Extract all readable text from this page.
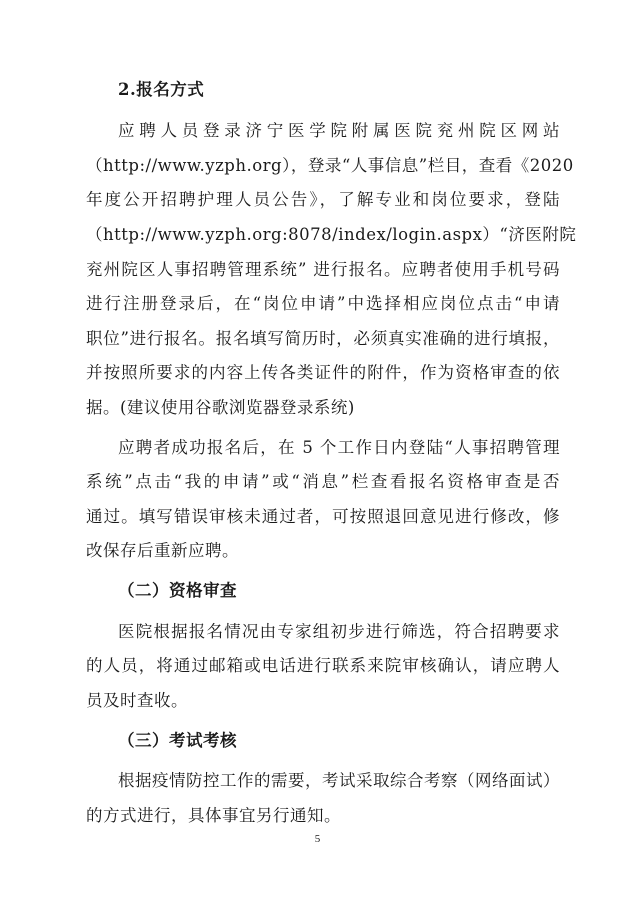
2.报名方式
应聘人员登录济宁医学院附属医院兖州院区网站
（http://www.yzph.org），登录“人事信息”栏目，查看《2020
年度公开招聘护理人员公告》，了解专业和岗位要求，登陆
（http://www.yzph.org:8078/index/login.aspx）“济医附院
兖州院区人事招聘管理系统” 进行报名。应聘者使用手机号码
进行注册登录后，在“岗位申请”中选择相应岗位点击“申请
职位”进行报名。报名填写简历时，必须真实准确的进行填报，
并按照所要求的内容上传各类证件的附件，作为资格审查的依
据。(建议使用谷歌浏览器登录系统)
应聘者成功报名后，在 5 个工作日内登陆“人事招聘管理
系统”点击“我的申请”或“消息”栏查看报名资格审查是否
通过。填写错误审核未通过者，可按照退回意见进行修改，修
改保存后重新应聘。
（二）资格审查
医院根据报名情况由专家组初步进行筛选，符合招聘要求
的人员，将通过邮箱或电话进行联系来院审核确认，请应聘人
员及时查收。
（三）考试考核
根据疫情防控工作的需要，考试采取综合考察（网络面试）
的方式进行，具体事宜另行通知。
5
